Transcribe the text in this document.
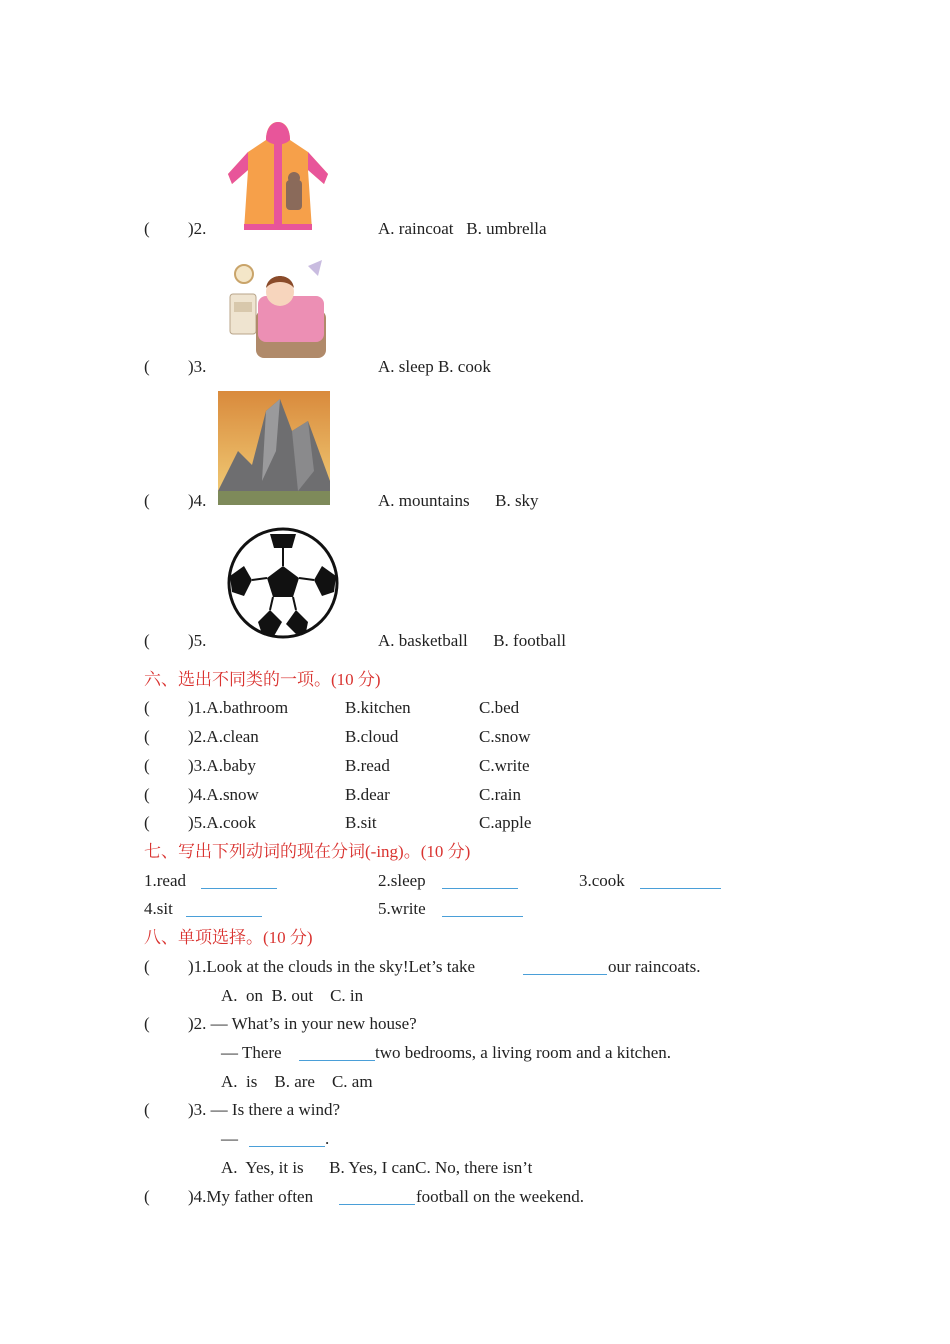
( )2.	A. raincoat   B. umbrella
( )3.	A. sleep B. cook
( )4.	A. mountains      B. sky
( )5.	A. basketball      B. football
六、选出不同类的一项。(10 分)
( )1.A.bathroom	B.kitchen	C.bed
( )2.A.clean	B.cloud	C.snow
( )3.A.baby	B.read	C.write
( )4.A.snow	B.dear	C.rain
( )5.A.cook	B.sit	C.apple
七、写出下列动词的现在分词(-ing)。(10 分)
1.read	2.sleep	3.cook
4.sit	5.write
八、单项选择。(10 分)
( )1.Look at the clouds in the sky!Let’s take	our raincoats.
A.  on  B. out    C. in
( )2. — What’s in your new house?
— There	two bedrooms, a living room and a kitchen.
A.  is    B. are    C. am
( )3. — Is there a wind?
—	.
A.  Yes, it is      B. Yes, I canC. No, there isn’t
( )4.My father often	football on the weekend.
